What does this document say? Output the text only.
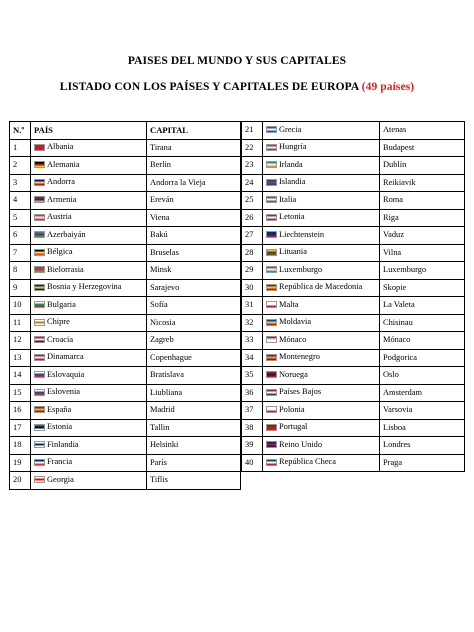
PAISES DEL MUNDO Y SUS CAPITALES
LISTADO CON LOS PAÍSES Y CAPITALES DE EUROPA (49 países)
N.º	PAÍS	CAPITAL
1	Albania	Tirana
2	Alemania	Berlín
3	Andorra	Andorra la Vieja
4	Armenia	Ereván
5	Austria	Viena
6	Azerbaiyán	Bakú
7	Bélgica	Bruselas
8	Bielorrasia	Minsk
9	Bosnia y Herzegovina	Sarajevo
10	Bulgaria	Sofía
11	Chipre	Nicosia
12	Croacia	Zagreb
13	Dinamarca	Copenhague
14	Eslovaquia	Bratislava
15	Eslovenia	Liubliana
16	España	Madrid
17	Estonia	Tallin
18	Finlandia	Helsinki
19	Francia	París
20	Georgia	Tiflis
21	Grecia	Atenas
22	Hungría	Budapest
23	Irlanda	Dublín
24	Islandia	Reikiavik
25	Italia	Roma
26	Letonia	Riga
27	Liechtenstein	Vaduz
28	Lituania	Vilna
29	Luxemburgo	Luxemburgo
30	República de Macedonia	Skopie
31	Malta	La Valeta
32	Moldavia	Chisinau
33	Mónaco	Mónaco
34	Montenegro	Podgorica
35	Noruega	Oslo
36	Países Bajos	Amsterdam
37	Polonia	Varsovia
38	Portugal	Lisboa
39	Reino Unido	Londres
40	República Checa	Praga
